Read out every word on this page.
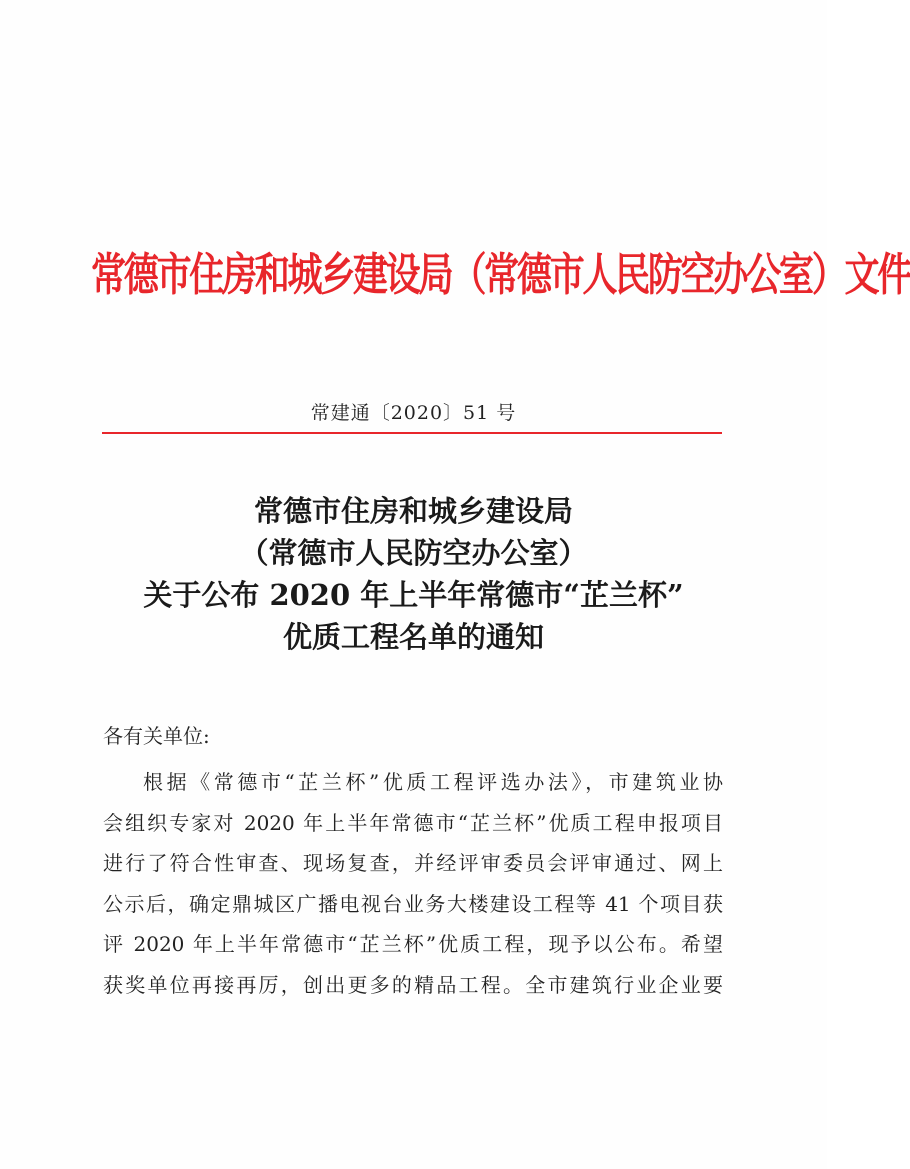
常德市住房和城乡建设局（常德市人民防空办公室）文件
常建通〔2020〕51 号
常德市住房和城乡建设局
（常德市人民防空办公室）
关于公布 2020 年上半年常德市“芷兰杯”
优质工程名单的通知
各有关单位:
根据《常德市“芷兰杯”优质工程评选办法》，市建筑业协
会组织专家对 2020 年上半年常德市“芷兰杯”优质工程申报项目
进行了符合性审查、现场复查，并经评审委员会评审通过、网上
公示后，确定鼎城区广播电视台业务大楼建设工程等 41 个项目获
评 2020 年上半年常德市“芷兰杯”优质工程，现予以公布。希望
获奖单位再接再厉，创出更多的精品工程。全市建筑行业企业要
